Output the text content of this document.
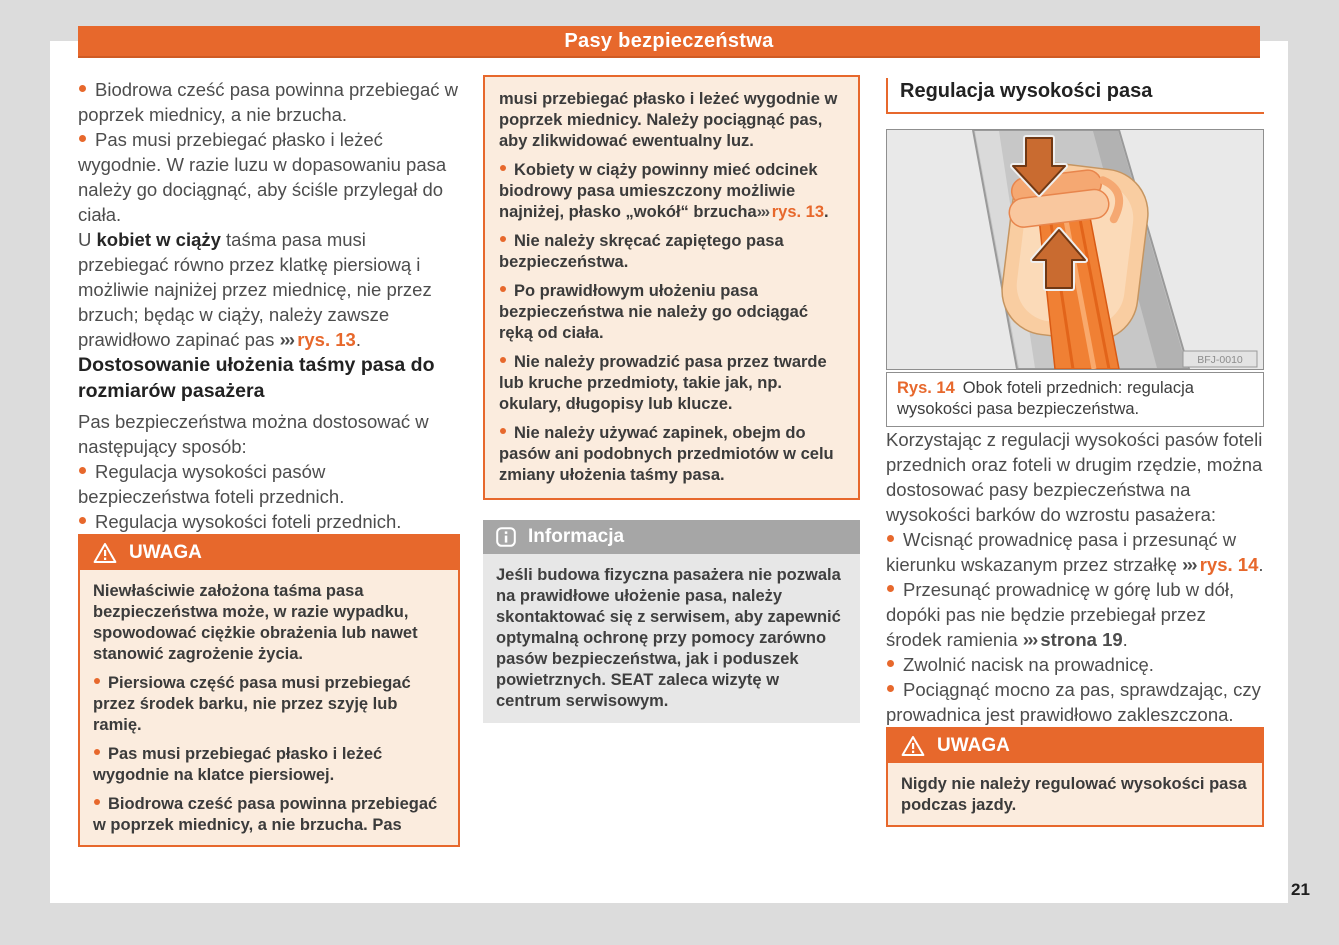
Pasy bezpieczeństwa

Biodrowa cześć pasa powinna przebiegać w poprzek miednicy, a nie brzucha.

Pas musi przebiegać płasko i leżeć wygodnie. W razie luzu w dopasowaniu pasa należy go dociągnąć, aby ściśle przylegał do ciała.

U kobiet w ciąży taśma pasa musi przebiegać równo przez klatkę piersiową i możliwie najniżej przez miednicę, nie przez brzuch; będąc w ciąży, należy zawsze prawidłowo zapinać pas ››› rys. 13.

Dostosowanie ułożenia taśmy pasa do rozmiarów pasażera

Pas bezpieczeństwa można dostosować w następujący sposób:

Regulacja wysokości pasów bezpieczeństwa foteli przednich.

Regulacja wysokości foteli przednich.

UWAGA

Niewłaściwie założona taśma pasa bezpieczeństwa może, w razie wypadku, spowodować ciężkie obrażenia lub nawet stanowić zagrożenie życia.

Piersiowa część pasa musi przebiegać przez środek barku, nie przez szyję lub ramię.

Pas musi przebiegać płasko i leżeć wygodnie na klatce piersiowej.

Biodrowa cześć pasa powinna przebiegać w poprzek miednicy, a nie brzucha. Pas

musi przebiegać płasko i leżeć wygodnie w poprzek miednicy. Należy pociągnąć pas, aby zlikwidować ewentualny luz.

Kobiety w ciąży powinny mieć odcinek biodrowy pasa umieszczony możliwie najniżej, płasko „wokół“ brzucha››› rys. 13.

Nie należy skręcać zapiętego pasa bezpieczeństwa.

Po prawidłowym ułożeniu pasa bezpieczeństwa nie należy go odciągać ręką od ciała.

Nie należy prowadzić pasa przez twarde lub kruche przedmioty, takie jak, np. okulary, długopisy lub klucze.

Nie należy używać zapinek, obejm do pasów ani podobnych przedmiotów w celu zmiany ułożenia taśmy pasa.

Informacja

Jeśli budowa fizyczna pasażera nie pozwala na prawidłowe ułożenie pasa, należy skontaktować się z serwisem, aby zapewnić optymalną ochronę przy pomocy zarówno pasów bezpieczeństwa, jak i poduszek powietrznych. SEAT zaleca wizytę w centrum serwisowym.

Regulacja wysokości pasa
BFJ-0010
Rys. 14 Obok foteli przednich: regulacja wysokości pasa bezpieczeństwa.

Korzystając z regulacji wysokości pasów foteli przednich oraz foteli w drugim rzędzie, można dostosować pasy bezpieczeństwa na wysokości barków do wzrostu pasażera:

Wcisnąć prowadnicę pasa i przesunąć w kierunku wskazanym przez strzałkę ››› rys. 14.

Przesunąć prowadnicę w górę lub w dół, dopóki pas nie będzie przebiegał przez środek ramienia ››› strona 19.

Zwolnić nacisk na prowadnicę.

Pociągnąć mocno za pas, sprawdzając, czy prowadnica jest prawidłowo zakleszczona.

UWAGA

Nigdy nie należy regulować wysokości pasa podczas jazdy.

21
